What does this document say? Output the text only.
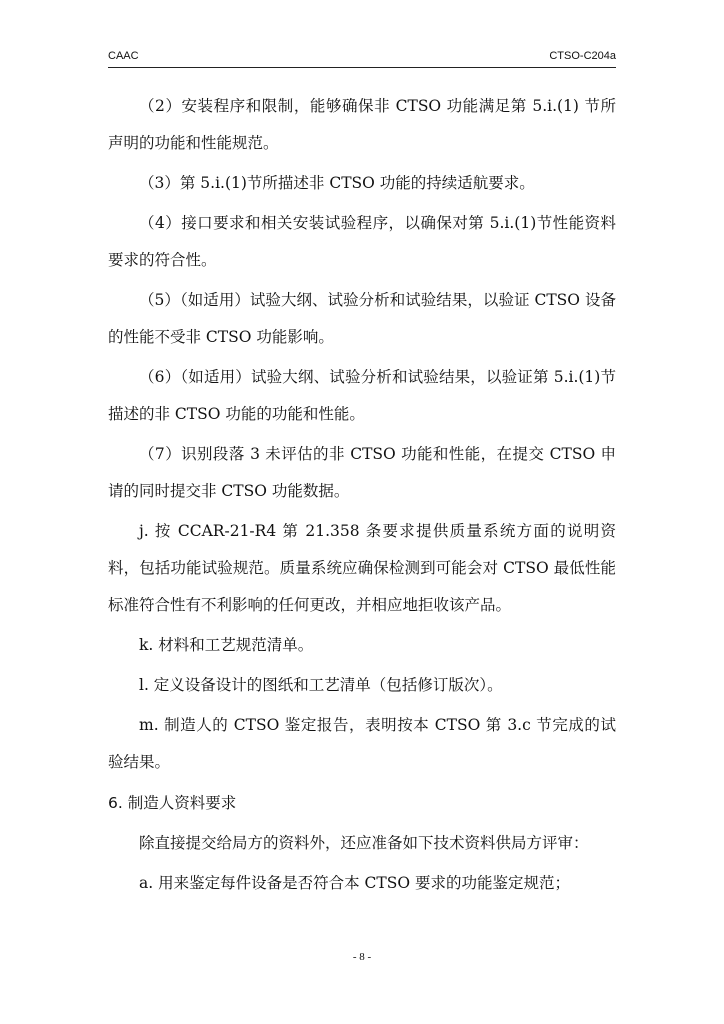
CAAC	CTSO-C204a

（2）安装程序和限制，能够确保非 CTSO 功能满足第 5.i.(1) 节所声明的功能和性能规范。

（3）第 5.i.(1)节所描述非 CTSO 功能的持续适航要求。

（4）接口要求和相关安装试验程序，以确保对第 5.i.(1)节性能资料要求的符合性。

（5）（如适用）试验大纲、试验分析和试验结果，以验证 CTSO 设备的性能不受非 CTSO 功能影响。

（6）（如适用）试验大纲、试验分析和试验结果，以验证第 5.i.(1)节描述的非 CTSO 功能的功能和性能。

（7）识别段落 3 未评估的非 CTSO 功能和性能，在提交 CTSO 申请的同时提交非 CTSO 功能数据。

j. 按 CCAR-21-R4 第 21.358 条要求提供质量系统方面的说明资料，包括功能试验规范。质量系统应确保检测到可能会对 CTSO 最低性能标准符合性有不利影响的任何更改，并相应地拒收该产品。

k. 材料和工艺规范清单。

l. 定义设备设计的图纸和工艺清单（包括修订版次）。

m. 制造人的 CTSO 鉴定报告，表明按本 CTSO 第 3.c 节完成的试验结果。

6. 制造人资料要求

除直接提交给局方的资料外，还应准备如下技术资料供局方评审：

a. 用来鉴定每件设备是否符合本 CTSO 要求的功能鉴定规范；

- 8 -
